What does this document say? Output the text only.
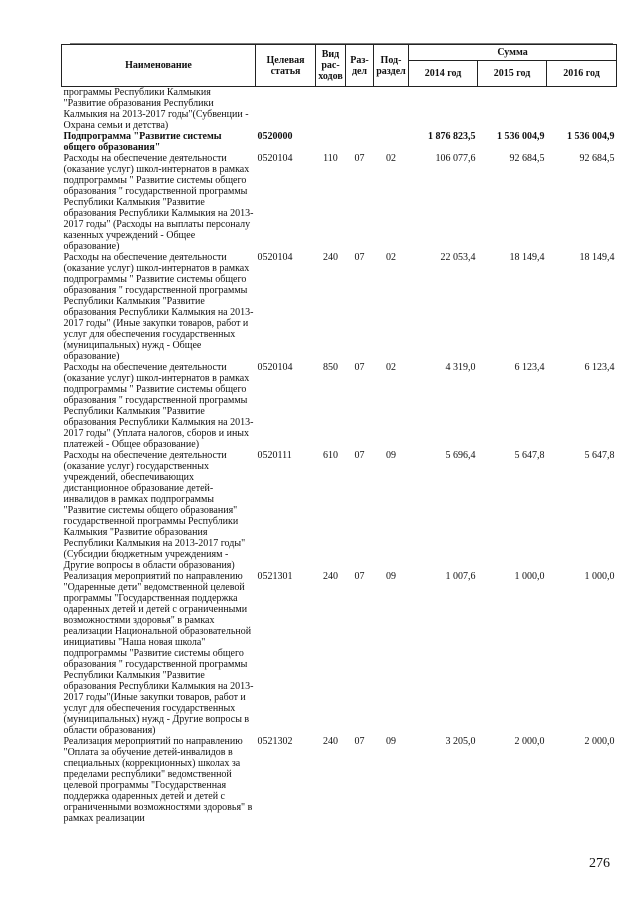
Наименование	Целевая статья	Вид рас-ходов	Раз-дел	Под-раздел	Сумма		
					2014 год	2015 год	2016 год
программы Республики Калмыкия "Развитие образования Республики Калмыкия на 2013-2017 годы"(Субвенции - Охрана семьи и детства)							
Подпрограмма "Развитие системы общего образования"	0520000				1 876 823,5	1 536 004,9	1 536 004,9
Расходы на обеспечение деятельности (оказание услуг) школ-интернатов в рамках подпрограммы " Развитие системы общего образования " государственной программы Республики Калмыкия "Развитие образования Республики Калмыкия на 2013-2017 годы" (Расходы на выплаты персоналу казенных учреждений - Общее образование)	0520104	110	07	02	106 077,6	92 684,5	92 684,5
Расходы на обеспечение деятельности (оказание услуг) школ-интернатов в рамках подпрограммы " Развитие системы общего образования " государственной программы Республики Калмыкия "Развитие образования Республики Калмыкия на 2013-2017 годы" (Иные закупки товаров, работ и услуг для обеспечения государственных (муниципальных) нужд - Общее образование)	0520104	240	07	02	22 053,4	18 149,4	18 149,4
Расходы на обеспечение деятельности (оказание услуг) школ-интернатов в рамках подпрограммы " Развитие системы общего образования " государственной программы Республики Калмыкия "Развитие образования Республики Калмыкия на 2013-2017 годы" (Уплата налогов, сборов и иных платежей - Общее образование)	0520104	850	07	02	4 319,0	6 123,4	6 123,4
Расходы на обеспечение деятельности (оказание услуг) государственных учреждений, обеспечивающих дистанционное образование детей-инвалидов в рамках подпрограммы "Развитие системы общего образования" государственной программы Республики Калмыкия "Развитие образования Республики Калмыкия на 2013-2017 годы"(Субсидии бюджетным учреждениям - Другие вопросы в области образования)	0520111	610	07	09	5 696,4	5 647,8	5 647,8
Реализация мероприятий по направлению "Одаренные дети" ведомственной целевой программы "Государственная поддержка одаренных детей и детей с ограниченными возможностями здоровья" в рамках реализации Национальной образовательной инициативы "Наша новая школа" подпрограммы "Развитие системы общего образования " государственной программы Республики Калмыкия "Развитие образования Республики Калмыкия на 2013-2017 годы"(Иные закупки товаров, работ и услуг для обеспечения государственных (муниципальных) нужд - Другие вопросы в области образования)	0521301	240	07	09	1 007,6	1 000,0	1 000,0
Реализация мероприятий по направлению "Оплата за обучение детей-инвалидов в специальных (коррекционных) школах за пределами республики" ведомственной целевой программы "Государственная поддержка одаренных детей и детей с ограниченными возможностями здоровья" в рамках реализации	0521302	240	07	09	3 205,0	2 000,0	2 000,0
276
